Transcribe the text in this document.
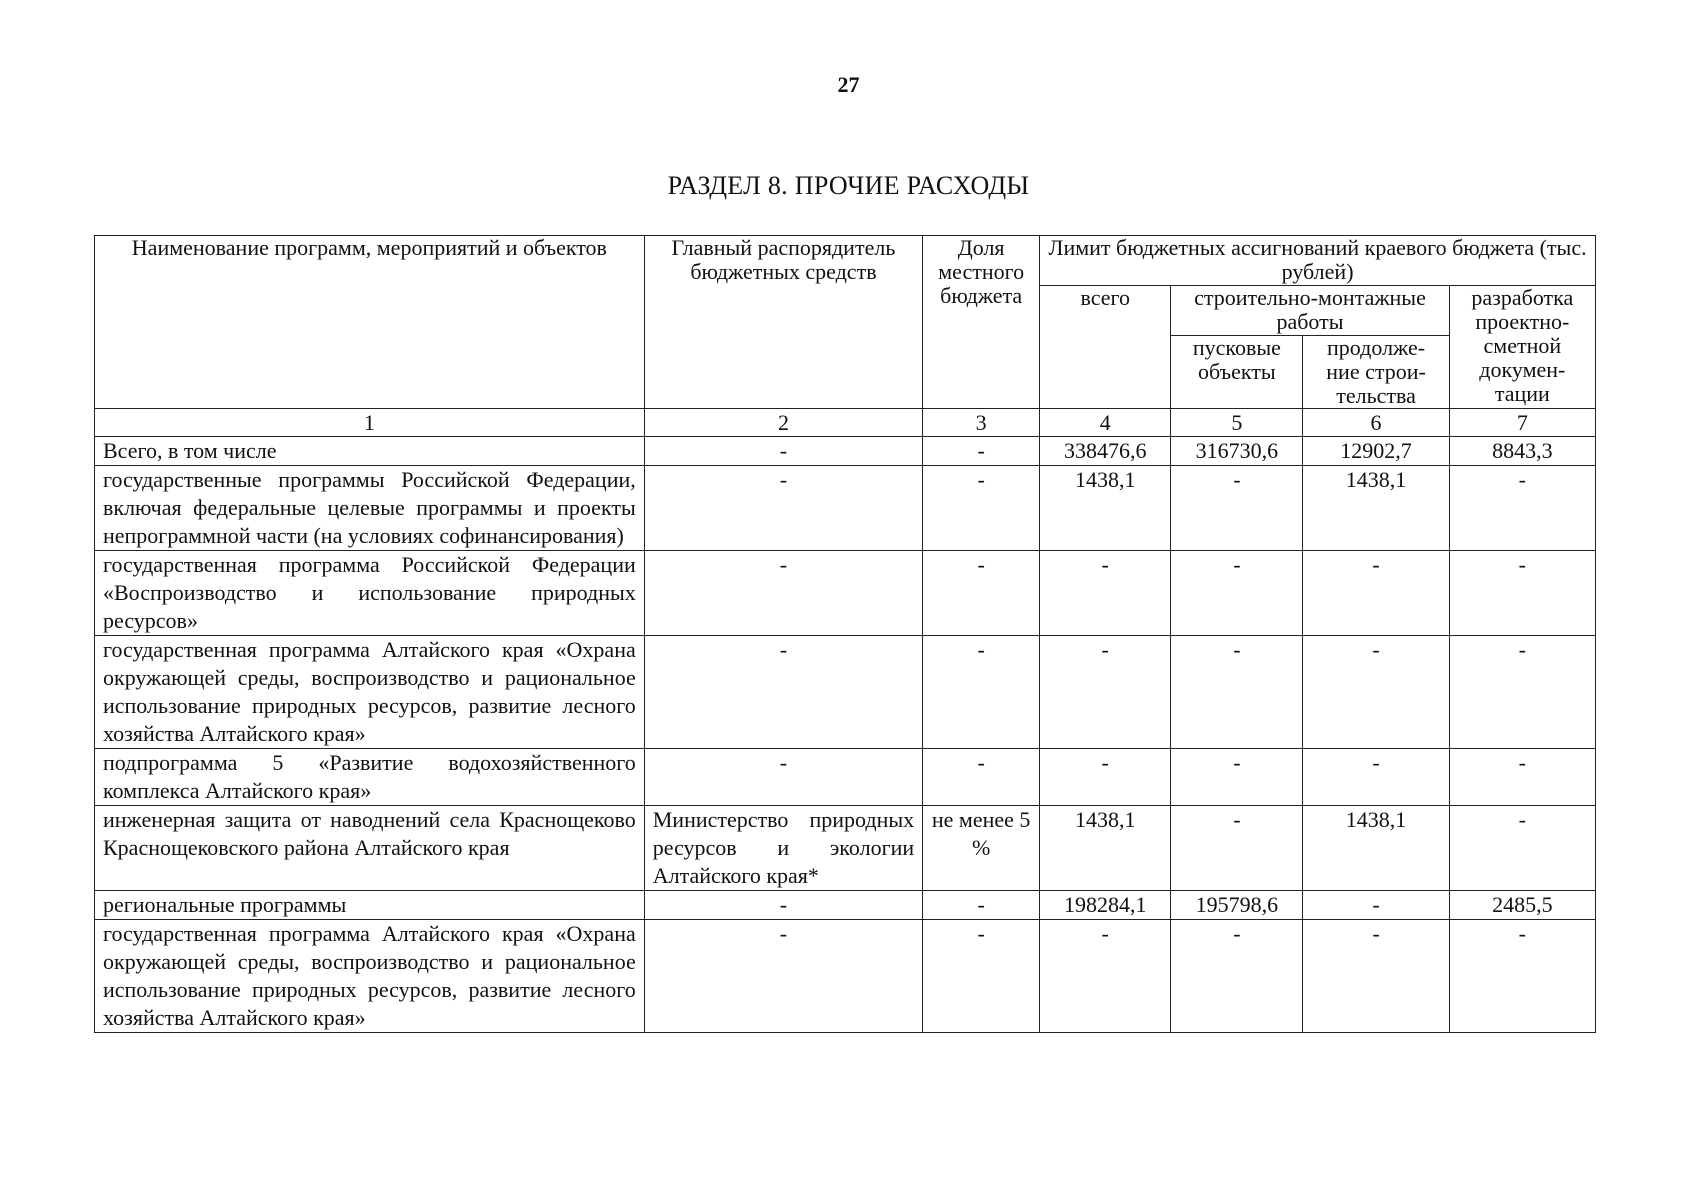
27
РАЗДЕЛ 8. ПРОЧИЕ РАСХОДЫ
Наименование программ, мероприятий и объектов	Главный распорядитель бюджетных средств	Доля местного бюджета	Лимит бюджетных ассигнований краевого бюджета (тыс. рублей)			
			всего	строительно-монтажные работы		разработка проектно-сметной докумен-тации
				пусковые объекты	продолже-ние строи-тельства	

1	2	3	4	5	6	7
Всего, в том числе	-	-	338476,6	316730,6	12902,7	8843,3
государственные программы Российской Федерации, включая федеральные целевые программы и проекты непрограммной части (на условиях софинансирования)	-	-	1438,1	-	1438,1	-
государственная программа Российской Федерации «Воспроизводство и использование природных ресурсов»	-	-	-	-	-	-
государственная программа Алтайского края «Охрана окружающей среды, воспроизводство и рациональное использование природных ресурсов, развитие лесного хозяйства Алтайского края»	-	-	-	-	-	-
подпрограмма 5 «Развитие водохозяйственного комплекса Алтайского края»	-	-	-	-	-	-
инженерная защита от наводнений села Краснощеково Краснощековского района Алтайского края	Министерство природных ресурсов и экологии Алтайского края*	не менее 5 %	1438,1	-	1438,1	-
региональные программы	-	-	198284,1	195798,6	-	2485,5
государственная программа Алтайского края «Охрана окружающей среды, воспроизводство и рациональное использование природных ресурсов, развитие лесного хозяйства Алтайского края»	-	-	-	-	-	-
